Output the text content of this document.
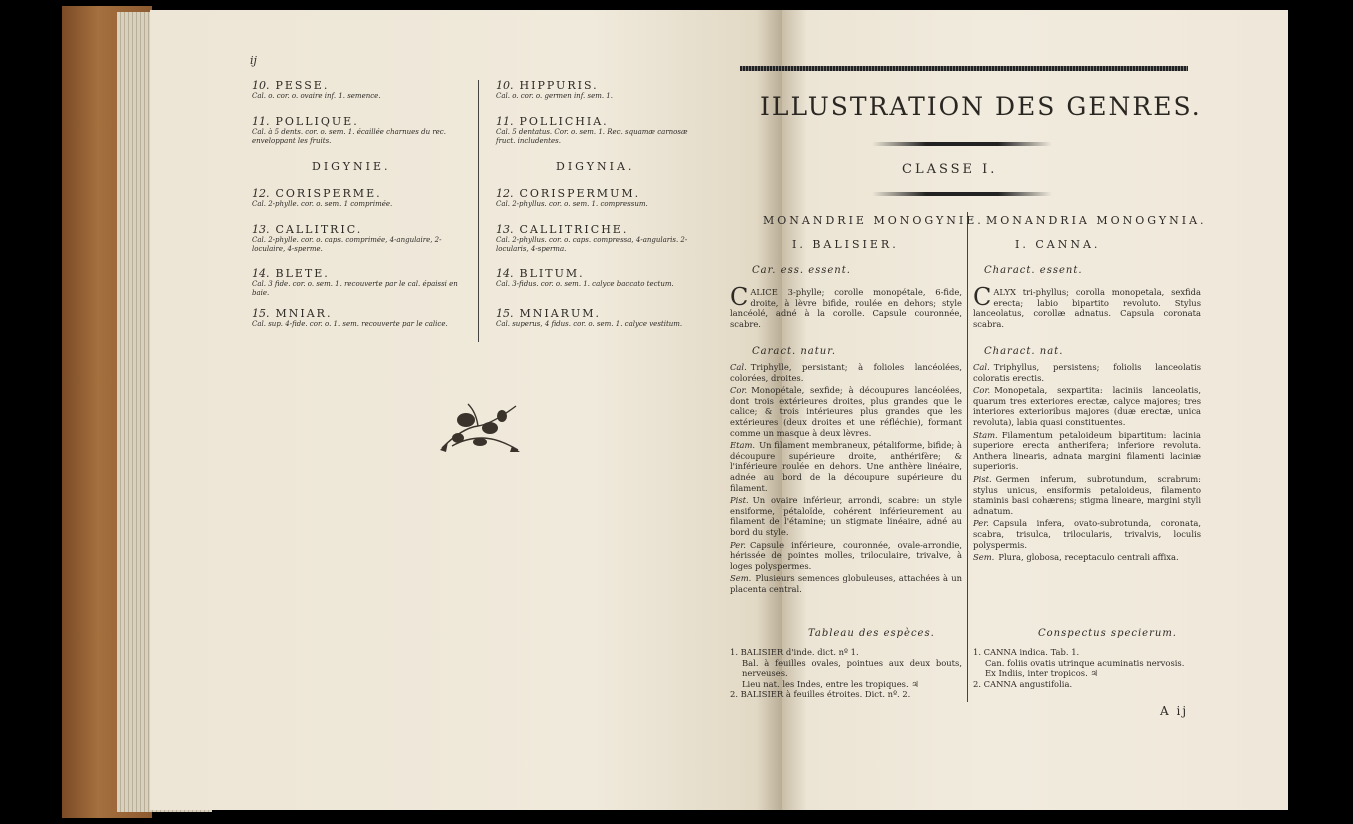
ij

10. PESSE.

Cal. o. cor. o. ovaire inf. 1. semence.

11. POLLIQUE.

Cal. à 5 dents. cor. o. sem. 1. écaillée charnues du rec. enveloppant les fruits.

DIGYNIE.

12. CORISPERME.

Cal. 2-phylle. cor. o. sem. 1 comprimée.

13. CALLITRIC.

Cal. 2-phylle. cor. o. caps. comprimée, 4-angulaire, 2-loculaire, 4-sperme.

14. BLETE.

Cal. 3 fide. cor. o. sem. 1. recouverte par le cal. épaissi en baie.

15. MNIAR.

Cal. sup. 4-fide. cor. o. 1. sem. recouverte par le calice.

10. HIPPURIS.

Cal. o. cor. o. germen inf. sem. 1.

11. POLLICHIA.

Cal. 5 dentatus. Cor. o. sem. 1. Rec. squamæ carnosæ fruct. includentes.

DIGYNIA.

12. CORISPERMUM.

Cal. 2-phyllus. cor. o. sem. 1. compressum.

13. CALLITRICHE.

Cal. 2-phyllus. cor. o. caps. compressa, 4-angularis. 2-locularis, 4-sperma.

14. BLITUM.

Cal. 3-fidus. cor. o. sem. 1. calyce baccato tectum.

15. MNIARUM.

Cal. superus, 4 fidus. cor. o. sem. 1. calyce vestitum.

ILLUSTRATION DES GENRES.

CLASSE I.

MONANDRIE MONOGYNIE.

I. BALISIER.

Car. ess. essent.

CALICE 3-phylle; corolle monopétale, 6-fide, droite, à lèvre bifide, roulée en dehors; style lancéolé, adné à la corolle. Capsule couronnée, scabre.

Caract. natur.

Cal. Triphylle, persistant; à folioles lancéolées, colorées, droites.
Cor. Monopétale, sexfide; à découpures lancéolées, dont trois extérieures droites, plus grandes que le calice; & trois intérieures plus grandes que les extérieures (deux droites et une réfléchie), formant comme un masque à deux lèvres.
Etam. Un filament membraneux, pétaliforme, bifide; à découpure supérieure droite, anthérifère; & l'inférieure roulée en dehors. Une anthère linéaire, adnée au bord de la découpure supérieure du filament.
Pist. Un ovaire inférieur, arrondi, scabre: un style ensiforme, pétaloïde, cohérent inférieurement au filament de l'étamine; un stigmate linéaire, adné au bord du style.
Per. Capsule inférieure, couronnée, ovale-arrondie, hérissée de pointes molles, triloculaire, trivalve, à loges polyspermes.
Sem. Plusieurs semences globuleuses, attachées à un placenta central.

Tableau des espèces.

1. BALISIER d'inde. dict. nº 1.
Bal. à feuilles ovales, pointues aux deux bouts, nerveuses.
Lieu nat. les Indes, entre les tropiques. ♃
2. BALISIER à feuilles étroites. Dict. nº. 2.

MONANDRIA MONOGYNIA.

I. CANNA.

Charact. essent.

CALYX tri-phyllus; corolla monopetala, sexfida erecta; labio bipartito revoluto. Stylus lanceolatus, corollæ adnatus. Capsula coronata scabra.

Charact. nat.

Cal. Triphyllus, persistens; foliolis lanceolatis coloratis erectis.
Cor. Monopetala, sexpartita: laciniis lanceolatis, quarum tres exteriores erectæ, calyce majores; tres interiores exterioribus majores (duæ erectæ, unica revoluta), labia quasi constituentes.
Stam. Filamentum petaloideum bipartitum: lacinia superiore erecta antherifera; inferiore revoluta. Anthera linearis, adnata margini filamenti laciniæ superioris.
Pist. Germen inferum, subrotundum, scrabrum: stylus unicus, ensiformis petaloideus, filamento staminis basi cohærens; stigma lineare, margini styli adnatum.
Per. Capsula infera, ovato-subrotunda, coronata, scabra, trisulca, trilocularis, trivalvis, loculis polyspermis.
Sem. Plura, globosa, receptaculo centrali affixa.

Conspectus specierum.

1. CANNA indica. Tab. 1.
Can. foliis ovatis utrinque acuminatis nervosis.
Ex Indiis, inter tropicos. ♃
2. CANNA angustifolia.

A ij
